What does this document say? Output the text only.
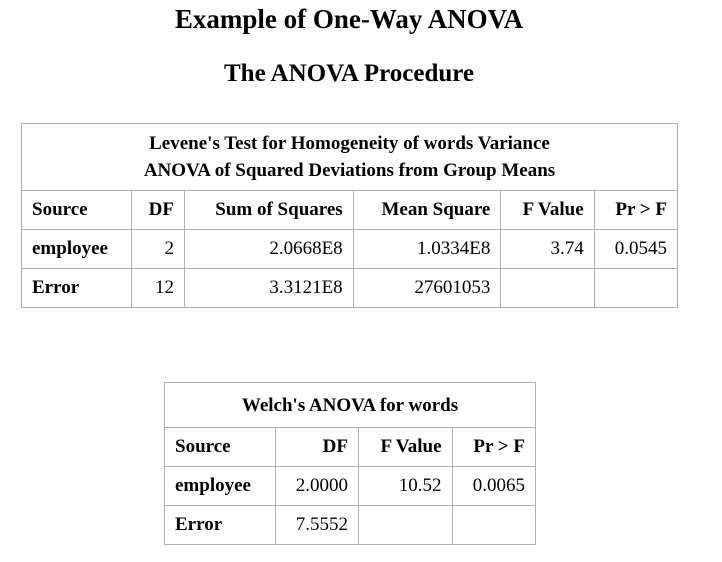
Example of One-Way ANOVA
The ANOVA Procedure
Levene's Test for Homogeneity of words Variance
ANOVA of Squared Deviations from Group Means					

Source	DF	Sum of Squares	Mean Square	F Value	Pr > F
employee	2	2.0668E8	1.0334E8	3.74	0.0545
Error	12	3.3121E8	27601053		
Welch's ANOVA for words			
Source	DF	F Value	Pr > F
employee	2.0000	10.52	0.0065
Error	7.5552		
